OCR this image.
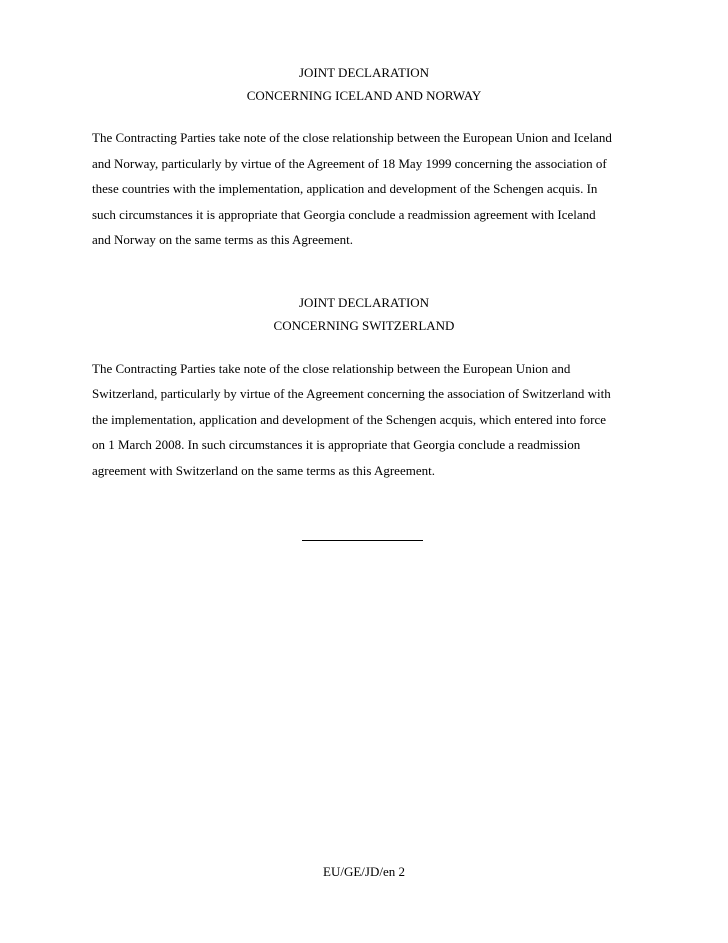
JOINT DECLARATION
CONCERNING ICELAND AND NORWAY
The Contracting Parties take note of the close relationship between the European Union and Iceland
and Norway, particularly by virtue of the Agreement of 18 May 1999 concerning the association of
these countries with the implementation, application and development of the Schengen acquis. In
such circumstances it is appropriate that Georgia conclude a readmission agreement with Iceland
and Norway on the same terms as this Agreement.
JOINT DECLARATION
CONCERNING SWITZERLAND
The Contracting Parties take note of the close relationship between the European Union and
Switzerland, particularly by virtue of the Agreement concerning the association of Switzerland with
the implementation, application and development of the Schengen acquis, which entered into force
on 1 March 2008. In such circumstances it is appropriate that Georgia conclude a readmission
agreement with Switzerland on the same terms as this Agreement.
EU/GE/JD/en 2
